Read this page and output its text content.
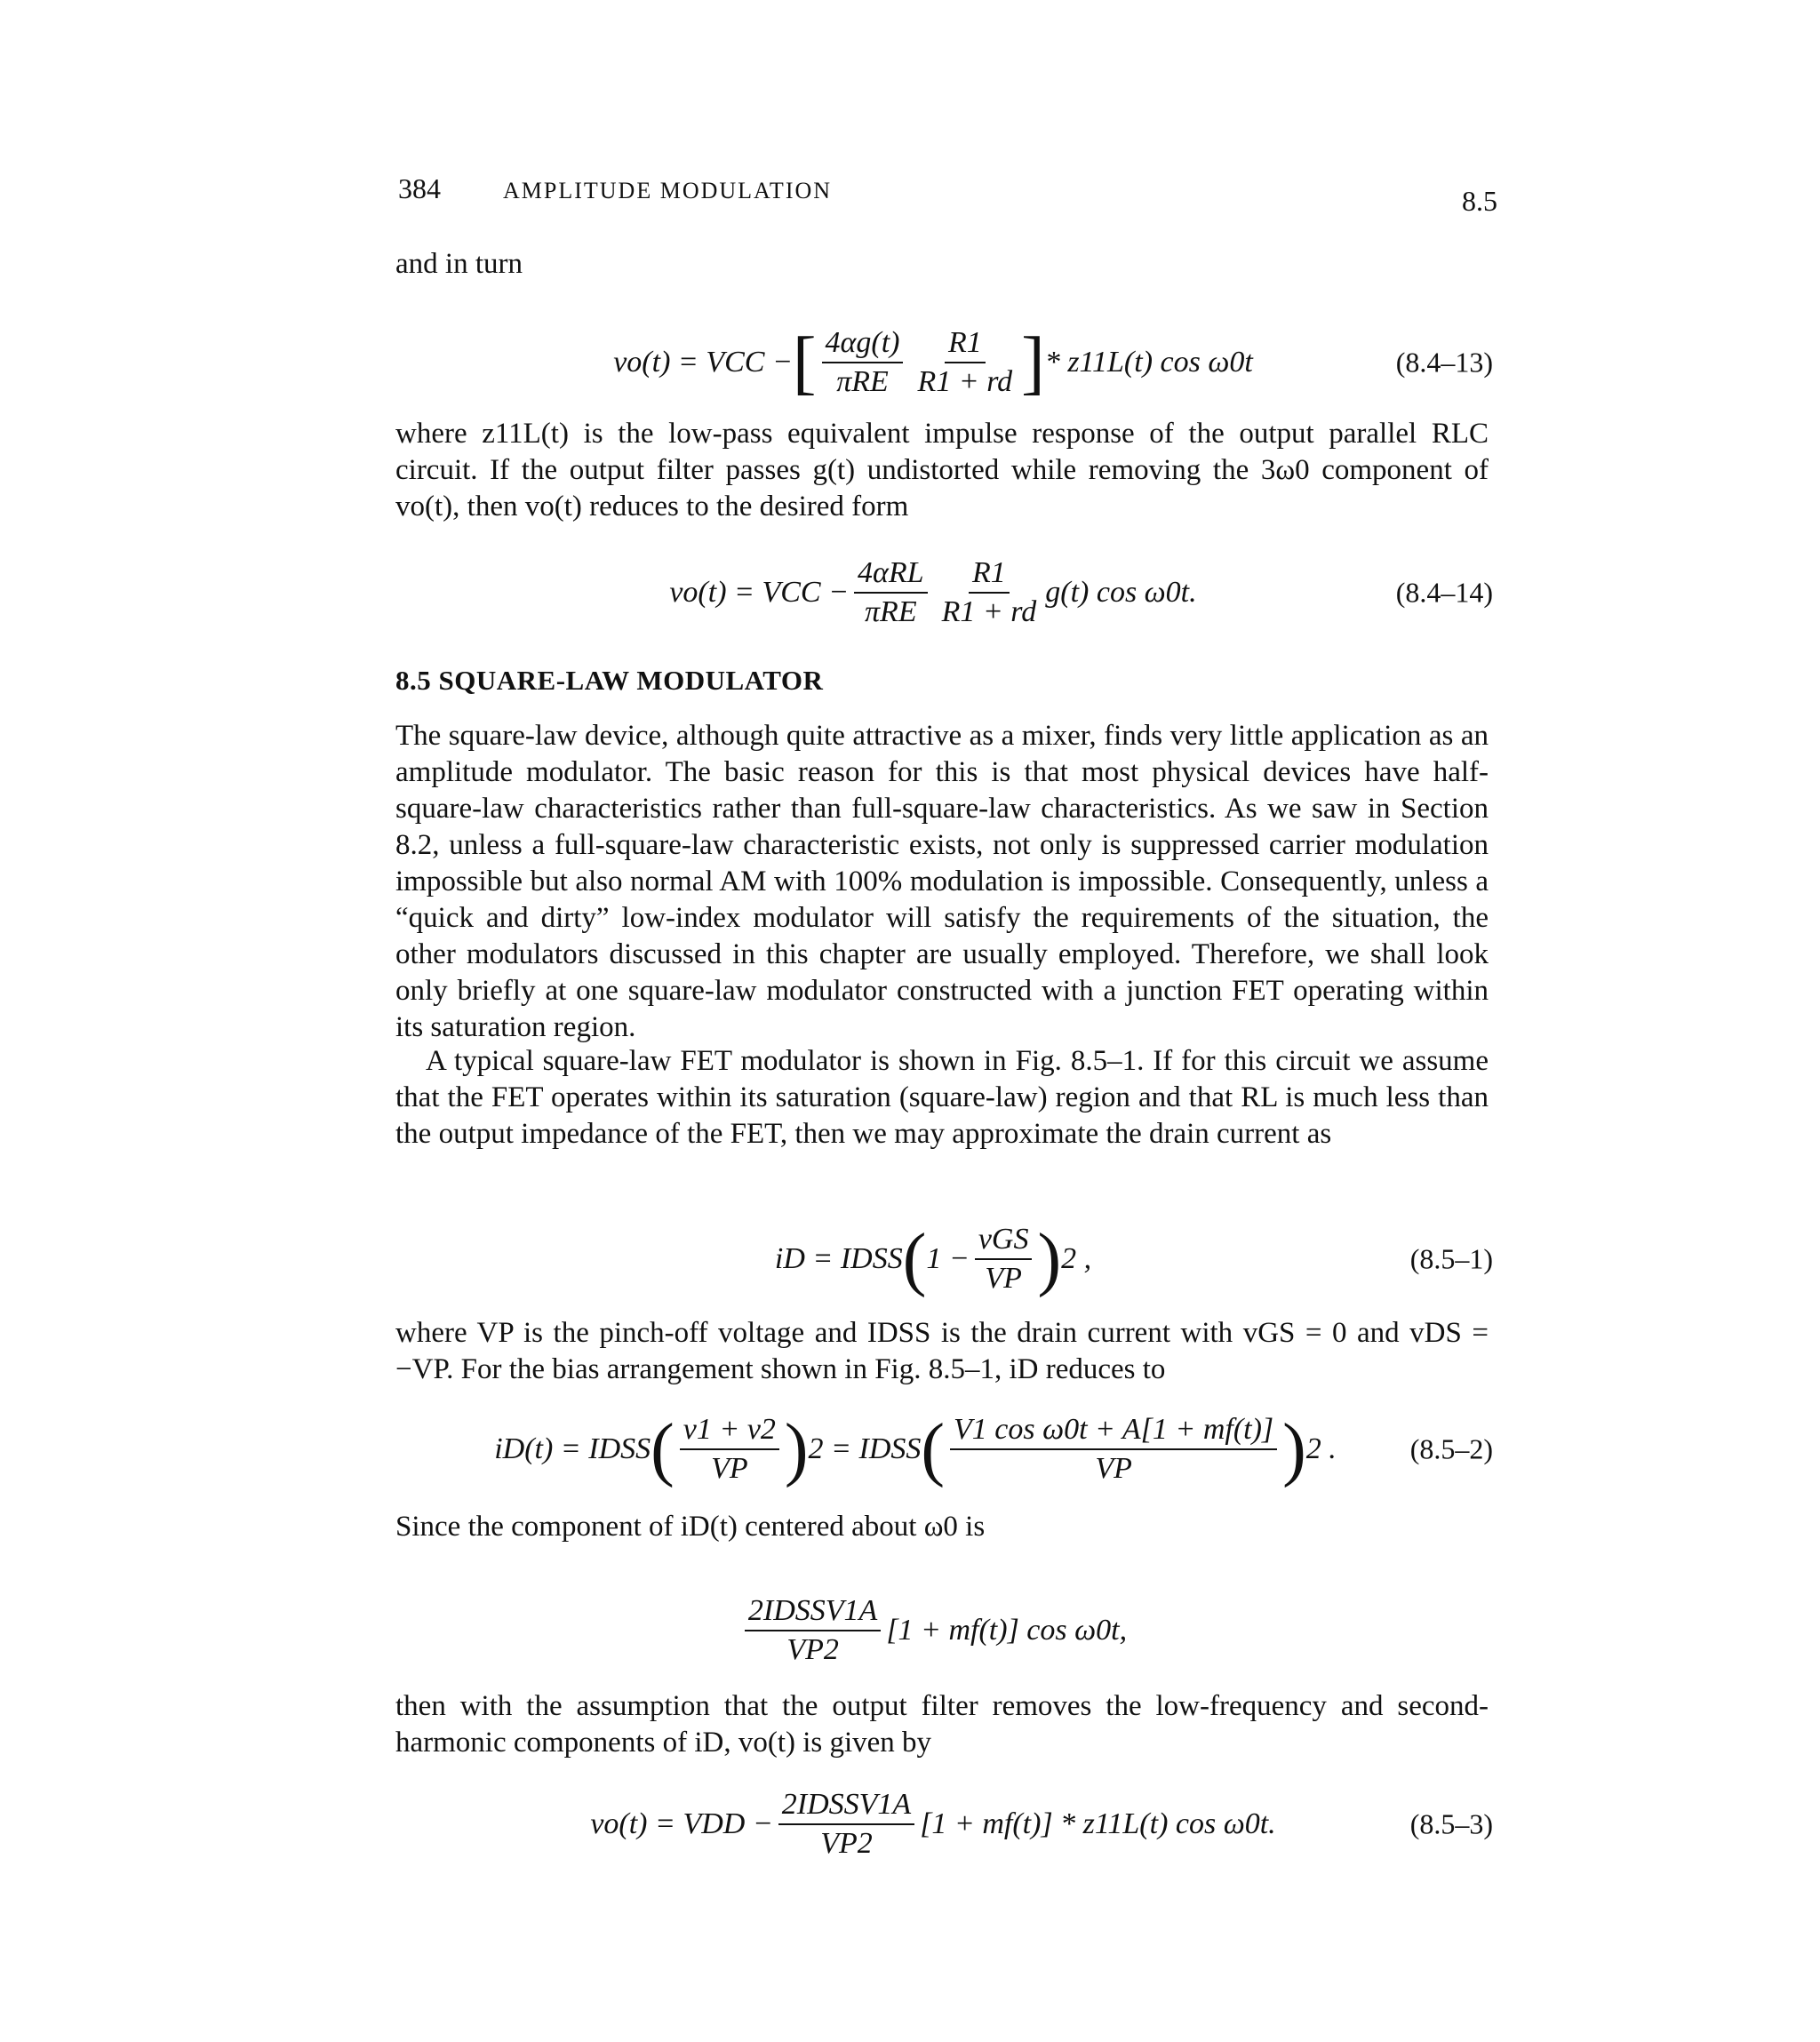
384	AMPLITUDE MODULATION	8.5

and in turn

vo(t) = VCC − [ $\frac{4\alpha g(t)}{\text{πRE}} \frac{R1}{R1 + rd}$ ] * z11L(t) cos ω0t	(8.4–13)

where z11L(t) is the low-pass equivalent impulse response of the output parallel RLC circuit. If the output filter passes g(t) undistorted while removing the 3ω0 component of vo(t), then vo(t) reduces to the desired form

vo(t) = VCC − $\frac{\text{4αRL}}{\text{πRE}} \frac{R1}{R1 + rd} g(t)$ cos ω0t.	(8.4–14)
8.5 SQUARE-LAW MODULATOR

The square-law device, although quite attractive as a mixer, finds very little application as an amplitude modulator. The basic reason for this is that most physical devices have half-square-law characteristics rather than full-square-law characteristics. As we saw in Section 8.2, unless a full-square-law characteristic exists, not only is suppressed carrier modulation impossible but also normal AM with 100% modulation is impossible. Consequently, unless a “quick and dirty” low-index modulator will satisfy the requirements of the situation, the other modulators discussed in this chapter are usually employed. Therefore, we shall look only briefly at one square-law modulator constructed with a junction FET operating within its saturation region.

A typical square-law FET modulator is shown in Fig. 8.5–1. If for this circuit we assume that the FET operates within its saturation (square-law) region and that RL is much less than the output impedance of the FET, then we may approximate the drain current as

iD = IDSS ( $1 - \frac{\text{vGS}}{VP}$ ) 2 ,	(8.5–1)

where VP is the pinch-off voltage and IDSS is the drain current with vGS = 0 and vDS = −VP. For the bias arrangement shown in Fig. 8.5–1, iD reduces to

iD(t) = IDSS ( $\frac{v1 + v2}{VP}$ ) 2 = IDSS ( $\frac{\text{V1 cos ω0t + A[1 + mf(t)]}}{VP}$ ) 2 .	(8.5–2)

Since the component of iD(t) centered about ω0 is

$\frac{\text{2IDSSV1A}}{VP2} [1 + mf(t)]$ cos ω0t,

then with the assumption that the output filter removes the low-frequency and second-harmonic components of iD, vo(t) is given by

vo(t) = VDD − $\frac{\text{2IDSSV1A}}{VP2} [1 + mf(t)] * z11L(t)$ cos ω0t.	(8.5–3)
